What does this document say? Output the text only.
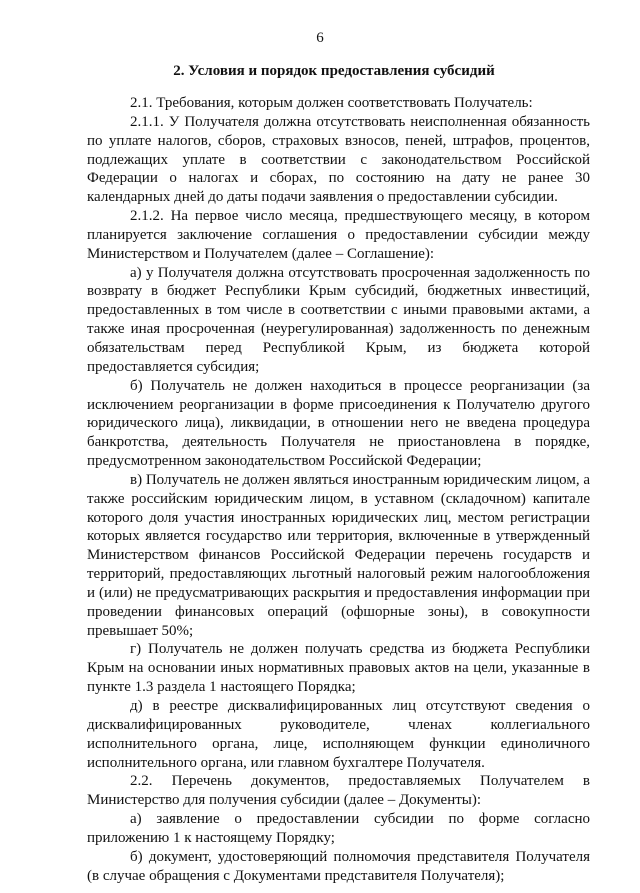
6
2. Условия и порядок предоставления субсидий

2.1. Требования, которым должен соответствовать Получатель:

2.1.1. У Получателя должна отсутствовать неисполненная обязанность по уплате налогов, сборов, страховых взносов, пеней, штрафов, процентов, подлежащих уплате в соответствии с законодательством Российской Федерации о налогах и сборах, по состоянию на дату не ранее 30 календарных дней до даты подачи заявления о предоставлении субсидии.

2.1.2. На первое число месяца, предшествующего месяцу, в котором планируется заключение соглашения о предоставлении субсидии между Министерством и Получателем (далее – Соглашение):

а) у Получателя должна отсутствовать просроченная задолженность по возврату в бюджет Республики Крым субсидий, бюджетных инвестиций, предоставленных в том числе в соответствии с иными правовыми актами, а также иная просроченная (неурегулированная) задолженность по денежным обязательствам перед Республикой Крым, из бюджета которой предоставляется субсидия;

б) Получатель не должен находиться в процессе реорганизации (за исключением реорганизации в форме присоединения к Получателю другого юридического лица), ликвидации, в отношении него не введена процедура банкротства, деятельность Получателя не приостановлена в порядке, предусмотренном законодательством Российской Федерации;

в) Получатель не должен являться иностранным юридическим лицом, а также российским юридическим лицом, в уставном (складочном) капитале которого доля участия иностранных юридических лиц, местом регистрации которых является государство или территория, включенные в утвержденный Министерством финансов Российской Федерации перечень государств и территорий, предоставляющих льготный налоговый режим налогообложения и (или) не предусматривающих раскрытия и предоставления информации при проведении финансовых операций (офшорные зоны), в совокупности превышает 50%;

г) Получатель не должен получать средства из бюджета Республики Крым на основании иных нормативных правовых актов на цели, указанные в пункте 1.3 раздела 1 настоящего Порядка;

д) в реестре дисквалифицированных лиц отсутствуют сведения о дисквалифицированных руководителе, членах коллегиального исполнительного органа, лице, исполняющем функции единоличного исполнительного органа, или главном бухгалтере Получателя.

2.2. Перечень документов, предоставляемых Получателем в Министерство для получения субсидии (далее – Документы):

а) заявление о предоставлении субсидии по форме согласно приложению 1 к настоящему Порядку;

б) документ, удостоверяющий полномочия представителя Получателя (в случае обращения с Документами представителя Получателя);
